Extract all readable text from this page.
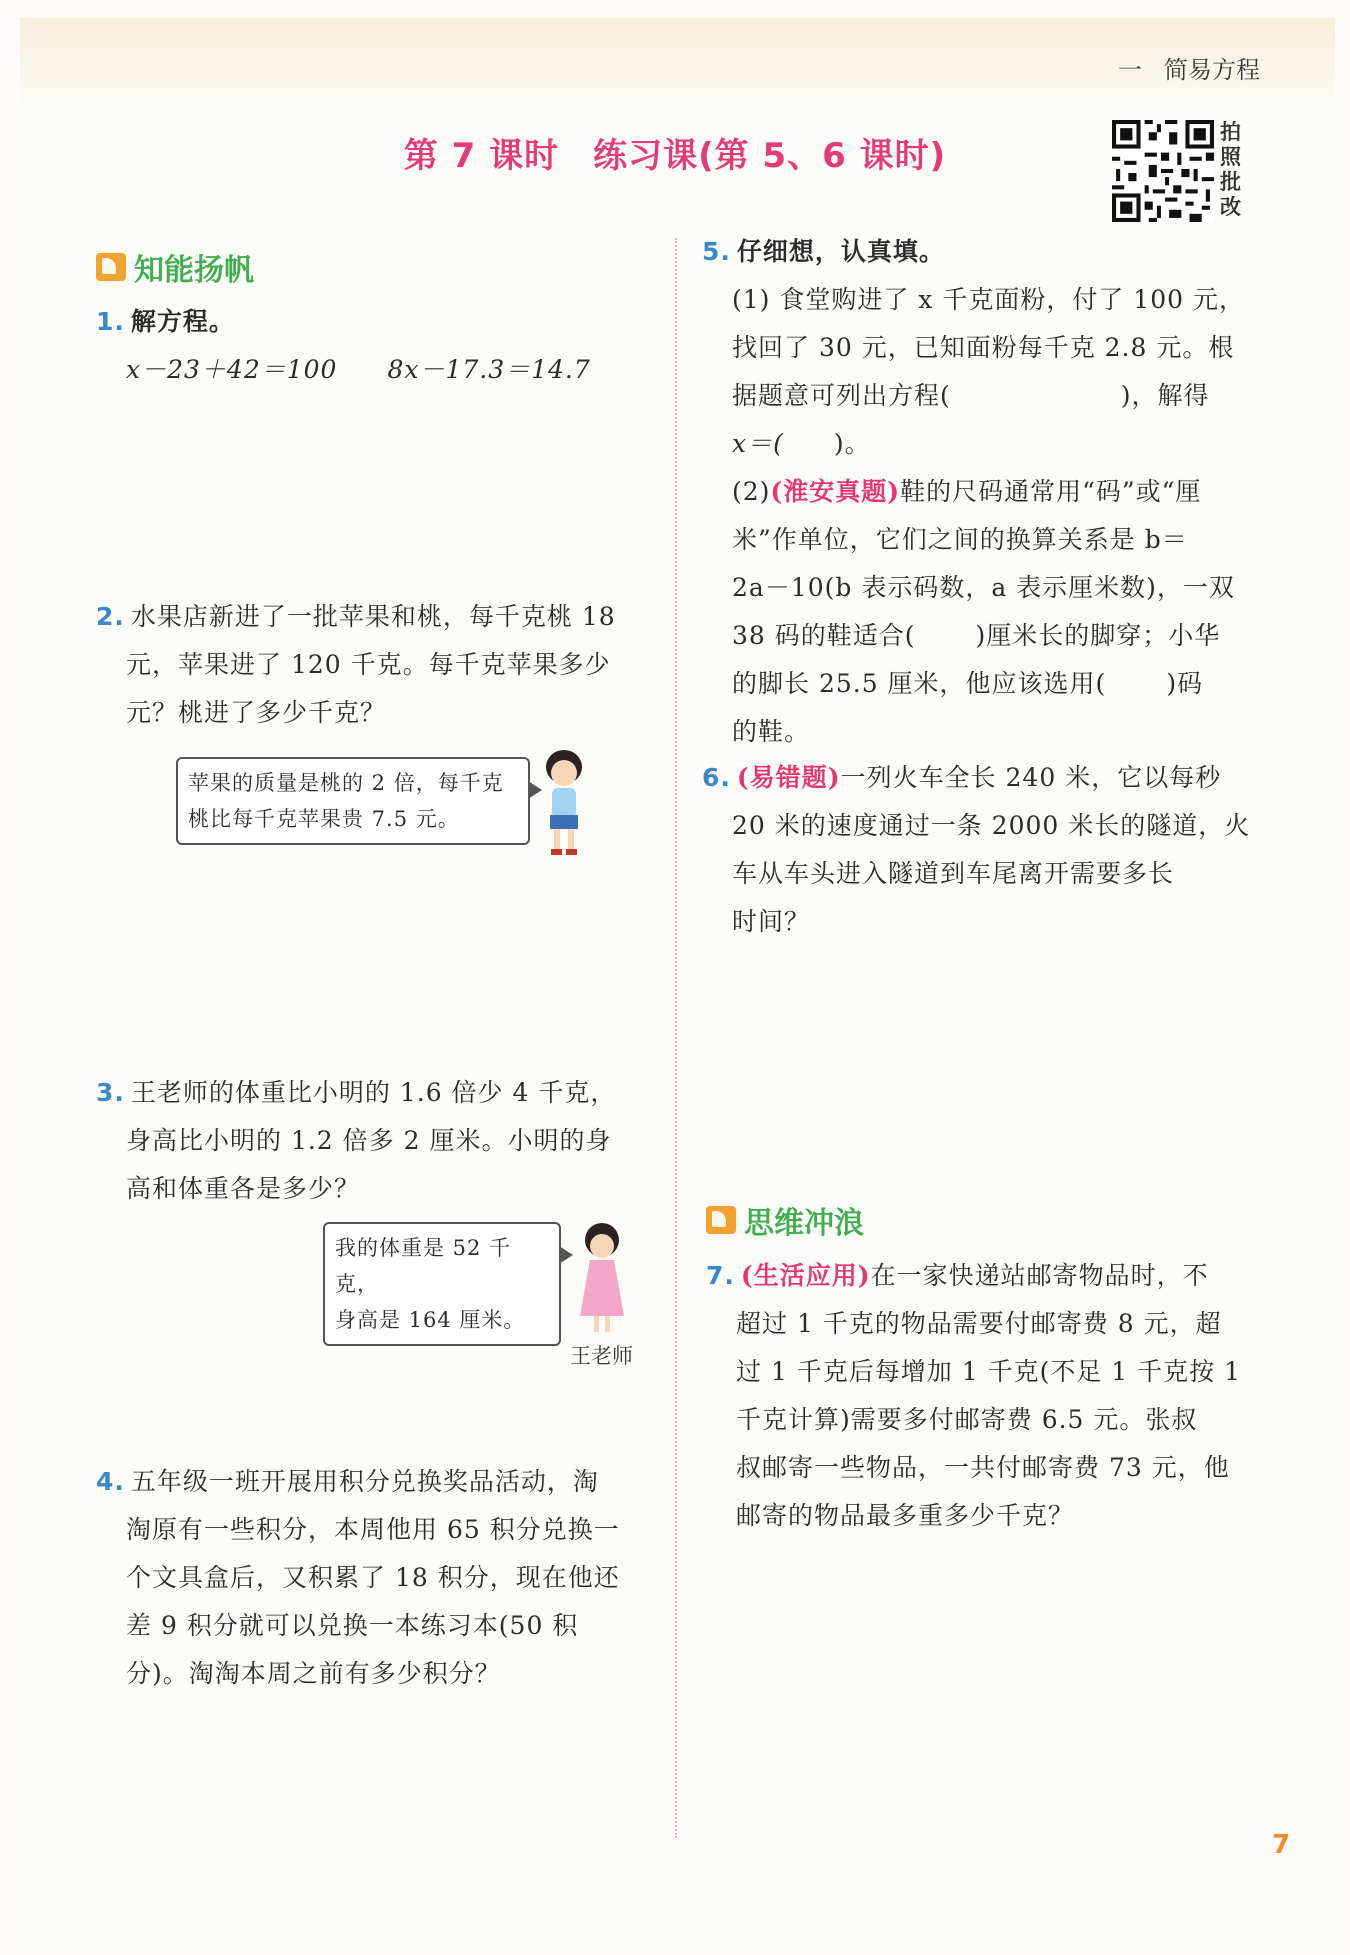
一 简易方程
第 7 课时 练习课(第 5、6 课时)
拍照批改
知能扬帆
1. 解方程。
x－23＋42＝100 8x－17.3＝14.7
2. 水果店新进了一批苹果和桃，每千克桃 18
元，苹果进了 120 千克。每千克苹果多少
元？桃进了多少千克？
苹果的质量是桃的 2 倍，每千克
桃比每千克苹果贵 7.5 元。
3. 王老师的体重比小明的 1.6 倍少 4 千克，
身高比小明的 1.2 倍多 2 厘米。小明的身
高和体重各是多少？
我的体重是 52 千克，
身高是 164 厘米。
王老师
4. 五年级一班开展用积分兑换奖品活动，淘
淘原有一些积分，本周他用 65 积分兑换一
个文具盒后，又积累了 18 积分，现在他还
差 9 积分就可以兑换一本练习本(50 积
分)。淘淘本周之前有多少积分？
5. 仔细想，认真填。
(1) 食堂购进了 x 千克面粉，付了 100 元，
找回了 30 元，已知面粉每千克 2.8 元。根
据题意可列出方程(	)，解得
x＝( )。
(2)(淮安真题)鞋的尺码通常用“码”或“厘
米”作单位，它们之间的换算关系是 b＝
2a－10(b 表示码数，a 表示厘米数)，一双
38 码的鞋适合( )厘米长的脚穿；小华
的脚长 25.5 厘米，他应该选用( )码
的鞋。
6. (易错题)一列火车全长 240 米，它以每秒
20 米的速度通过一条 2000 米长的隧道，火
车从车头进入隧道到车尾离开需要多长
时间？
思维冲浪
7. (生活应用)在一家快递站邮寄物品时，不
超过 1 千克的物品需要付邮寄费 8 元，超
过 1 千克后每增加 1 千克(不足 1 千克按 1
千克计算)需要多付邮寄费 6.5 元。张叔
叔邮寄一些物品，一共付邮寄费 73 元，他
邮寄的物品最多重多少千克？
7
